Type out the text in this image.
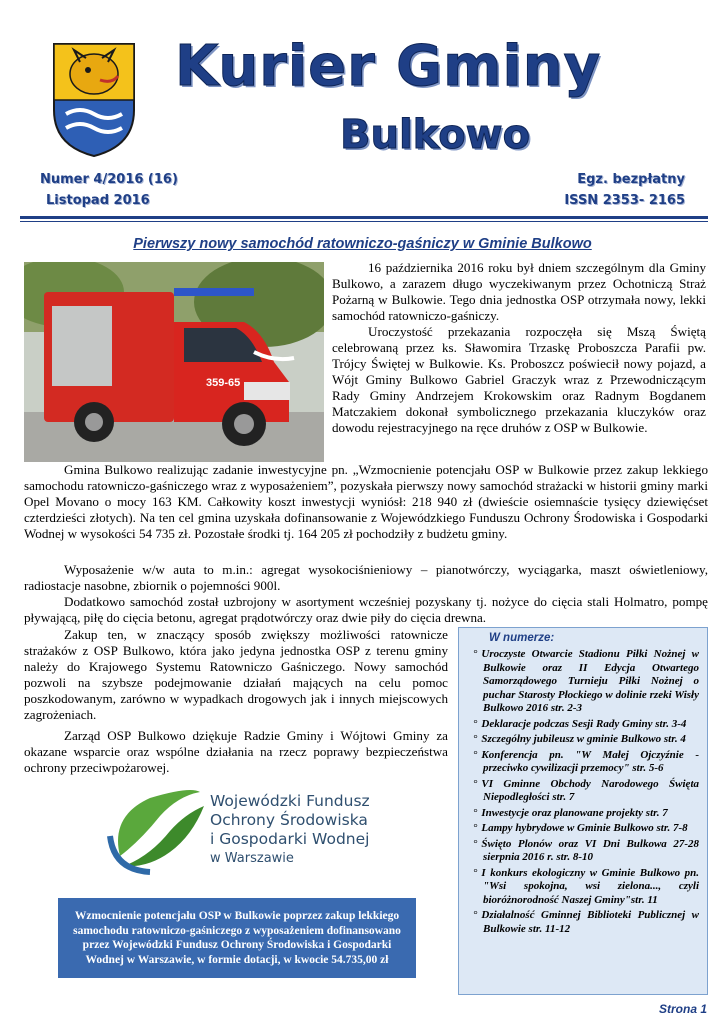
Kurier Gminy
Bulkowo
Numer 4/2016 (16)
Listopad 2016
Egz. bezpłatny
ISSN 2353- 2165
Pierwszy nowy samochód ratowniczo-gaśniczy w Gminie Bulkowo
359-65
16 października 2016 roku był dniem szczególnym dla Gminy Bulkowo, a zarazem długo wyczekiwanym przez Ochotniczą Straż Pożarną w Bulkowie. Tego dnia jednostka OSP otrzymała nowy, lekki samochód ratowniczo-gaśniczy.
Uroczystość przekazania rozpoczęła się Mszą Świętą celebrowaną przez ks. Sławomira Trzaskę Proboszcza Parafii pw. Trójcy Świętej w Bulkowie. Ks. Proboszcz poświecił nowy pojazd, a Wójt Gminy Bulkowo Gabriel Graczyk wraz z Przewodniczącym Rady Gminy Andrzejem Krokowskim oraz Radnym Bogdanem Matczakiem dokonał symbolicznego przekazania kluczyków oraz dowodu rejestracyjnego na ręce druhów z OSP w Bulkowie.
Gmina Bulkowo realizując zadanie inwestycyjne pn. „Wzmocnienie potencjału OSP w Bulkowie przez zakup lekkiego samochodu ratowniczo-gaśniczego wraz z wyposażeniem”, pozyskała pierwszy nowy samochód strażacki w historii gminy marki Opel Movano o mocy 163 KM. Całkowity koszt inwestycji wyniósł: 218 940 zł (dwieście osiemnaście tysięcy dziewięćset czterdzieści złotych). Na ten cel gmina uzyskała dofinansowanie z Wojewódzkiego Funduszu Ochrony Środowiska i Gospodarki Wodnej w wysokości 54 735 zł. Pozostałe środki tj. 164 205 zł pochodziły z budżetu gminy.
Wyposażenie w/w auta to m.in.: agregat wysokociśnieniowy – pianotwórczy, wyciągarka, maszt oświetleniowy, radiostacje nasobne, zbiornik o pojemności 900l.
Dodatkowo samochód został uzbrojony w asortyment wcześniej pozyskany tj. nożyce do cięcia stali Holmatro, pompę pływającą, piłę do cięcia betonu, agregat prądotwórczy oraz dwie piły do cięcia drewna.
Zakup ten, w znaczący sposób zwiększy możliwości ratownicze strażaków z OSP Bulkowo, która jako jedyna jednostka OSP z terenu gminy należy do Krajowego Systemu Ratowniczo Gaśniczego. Nowy samochód pozwoli na szybsze podejmowanie działań mających na celu pomoc poszkodowanym, zarówno w wypadkach drogowych jak i innych miejscowych zagrożeniach.
Zarząd OSP Bulkowo dziękuje Radzie Gminy i Wójtowi Gminy za okazane wsparcie oraz wspólne działania na rzecz poprawy bezpieczeństwa ochrony przeciwpożarowej.
W numerze:
° Uroczyste Otwarcie Stadionu Piłki Nożnej w Bulkowie oraz II Edycja Otwartego Samorządowego Turnieju Piłki Nożnej o puchar Starosty Płockiego w dolinie rzeki Wisły Bulkowo 2016 str. 2-3
° Deklaracje podczas Sesji Rady Gminy str. 3-4
° Szczególny jubileusz w gminie Bulkowo str. 4
° Konferencja pn. "W Małej Ojczyźnie - przeciwko cywilizacji przemocy" str. 5-6
° VI Gminne Obchody Narodowego Święta Niepodległości str. 7
° Inwestycje oraz planowane projekty str. 7
° Lampy hybrydowe w Gminie Bulkowo str. 7-8
° Święto Plonów oraz VI Dni Bulkowa 27-28 sierpnia 2016 r. str. 8-10
° I konkurs ekologiczny w Gminie Bulkowo pn. "Wsi spokojna, wsi zielona..., czyli bioróżnorodność Naszej Gminy"str. 11
° Działalność Gminnej Biblioteki Publicznej w Bulkowie str. 11-12
Wojewódzki Fundusz
Ochrony Środowiska
i Gospodarki Wodnej
w Warszawie
Wzmocnienie potencjału OSP w Bulkowie poprzez zakup lekkiego samochodu ratowniczo-gaśniczego z wyposażeniem dofinansowano przez Wojewódzki Fundusz Ochrony Środowiska i Gospodarki Wodnej w Warszawie, w formie dotacji, w kwocie 54.735,00 zł
Strona 1
